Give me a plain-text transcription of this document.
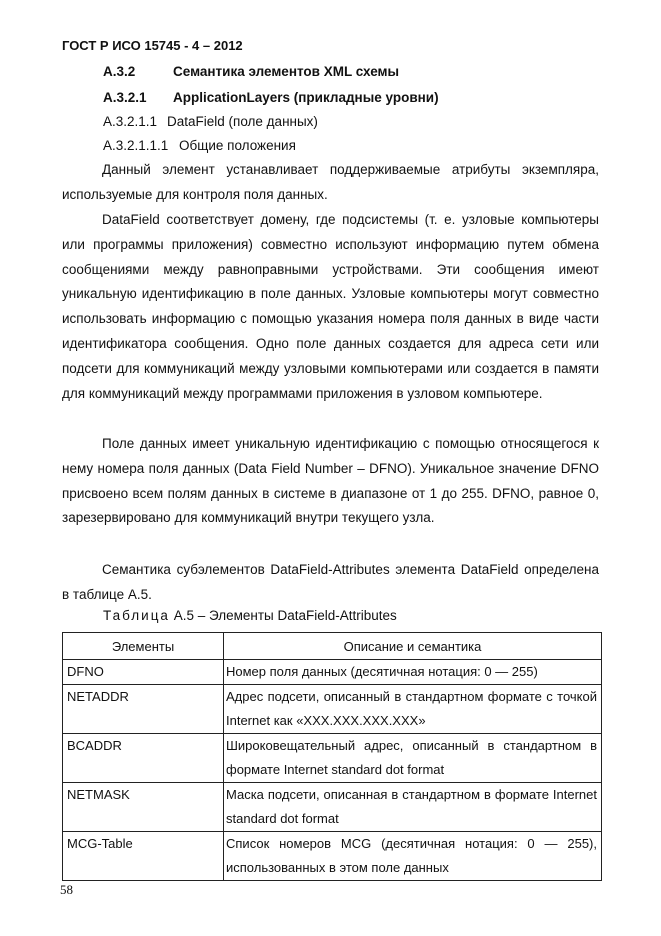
ГОСТ Р ИСО 15745 - 4 – 2012
A.3.2	Семантика элементов XML схемы
A.3.2.1 ApplicationLayers (прикладные уровни)
A.3.2.1.1 DataField (поле данных)
A.3.2.1.1.1 Общие положения
Данный элемент устанавливает поддерживаемые атрибуты экземпляра, используемые для контроля поля данных.
DataField соответствует домену, где подсистемы (т. е. узловые компьютеры или программы приложения) совместно используют информацию путем обмена сообщениями между равноправными устройствами. Эти сообщения имеют уникальную идентификацию в поле данных. Узловые компьютеры могут совместно использовать информацию с помощью указания номера поля данных в виде части идентификатора сообщения. Одно поле данных создается для адреса сети или подсети для коммуникаций между узловыми компьютерами или создается в памяти для коммуникаций между программами приложения в узловом компьютере.
Поле данных имеет уникальную идентификацию с помощью относящегося к нему номера поля данных (Data Field Number – DFNO). Уникальное значение DFNO присвоено всем полям данных в системе в диапазоне от 1 до 255. DFNO, равное 0, зарезервировано для коммуникаций внутри текущего узла.
Семантика субэлементов DataField-Attributes элемента DataField определена в таблице A.5.
Таблица A.5 – Элементы DataField-Attributes
Элементы	Описание и семантика
DFNO	Номер поля данных (десятичная нотация: 0 — 255)
NETADDR	Адрес подсети, описанный в стандартном формате с точкой Internet как «XXX.XXX.XXX.XXX»
BCADDR	Широковещательный адрес, описанный в стандартном в формате Internet standard dot format
NETMASK	Маска подсети, описанная в стандартном в формате Internet standard dot format
MCG-Table	Список номеров MCG (десятичная нотация: 0 — 255), использованных в этом поле данных
58
